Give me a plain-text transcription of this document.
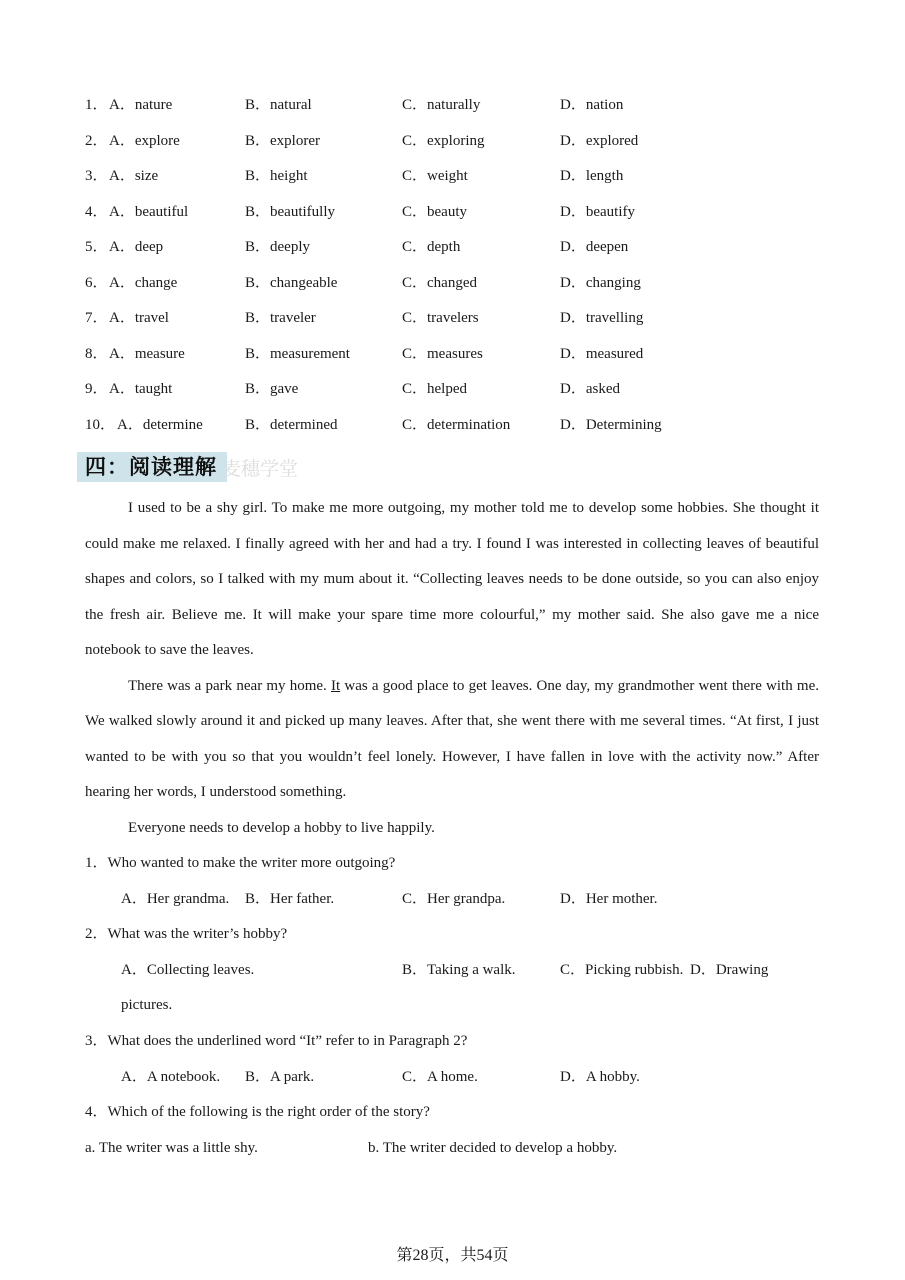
1． A．nature	B．natural	C．naturally	D．nation
2． A．explore	B．explorer	C．exploring	D．explored
3． A．size	B．height	C．weight	D．length
4． A．beautiful	B．beautifully	C．beauty	D．beautify
5． A．deep	B．deeply	C．depth	D．deepen
6． A．change	B．changeable	C．changed	D．changing
7． A．travel	B．traveler	C．travelers	D．travelling
8． A．measure	B．measurement	C．measures	D．measured
9． A．taught	B．gave	C．helped	D．asked
10． A．determine	B．determined	C．determination	D．Determining
四：阅读理解 麦穗学堂

I used to be a shy girl. To make me more outgoing, my mother told me to develop some hobbies. She thought it could make me relaxed. I finally agreed with her and had a try. I found I was interested in collecting leaves of beautiful shapes and colors, so I talked with my mum about it. “Collecting leaves needs to be done outside, so you can also enjoy the fresh air. Believe me. It will make your spare time more colourful,” my mother said. She also gave me a nice notebook to save the leaves.

There was a park near my home. It was a good place to get leaves. One day, my grandmother went there with me. We walked slowly around it and picked up many leaves. After that, she went there with me several times. “At first, I just wanted to be with you so that you wouldn’t feel lonely. However, I have fallen in love with the activity now.” After hearing her words, I understood something.

Everyone needs to develop a hobby to live happily.

1．Who wanted to make the writer more outgoing?
A．Her grandma. B．Her father.	C．Her grandpa.	D．Her mother.
2．What was the writer’s hobby?
A．Collecting leaves.	B．Taking a walk.	C．Picking rubbish. D．Drawing
pictures.
3．What does the underlined word “It” refer to in Paragraph 2?
A．A notebook. B．A park.	C．A home.	D．A hobby.
4．Which of the following is the right order of the story?
a. The writer was a little shy.	b. The writer decided to develop a hobby.
第28页，共54页
